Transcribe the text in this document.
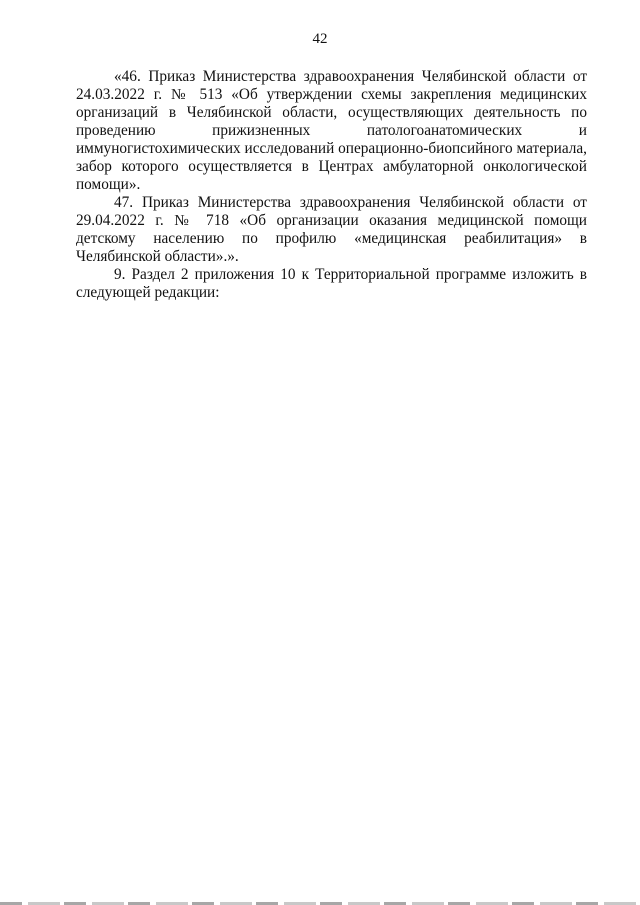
42

«46. Приказ Министерства здравоохранения Челябинской области от 24.03.2022 г. № 513 «Об утверждении схемы закрепления медицинских организаций в Челябинской области, осуществляющих деятельность по проведению прижизненных патологоанатомических и иммуногистохимических исследований операционно-биопсийного материала, забор которого осуществляется в Центрах амбулаторной онкологической помощи».

47. Приказ Министерства здравоохранения Челябинской области от 29.04.2022 г. № 718 «Об организации оказания медицинской помощи детскому населению по профилю «медицинская реабилитация» в Челябинской области».».

9. Раздел 2 приложения 10 к Территориальной программе изложить в следующей редакции:
